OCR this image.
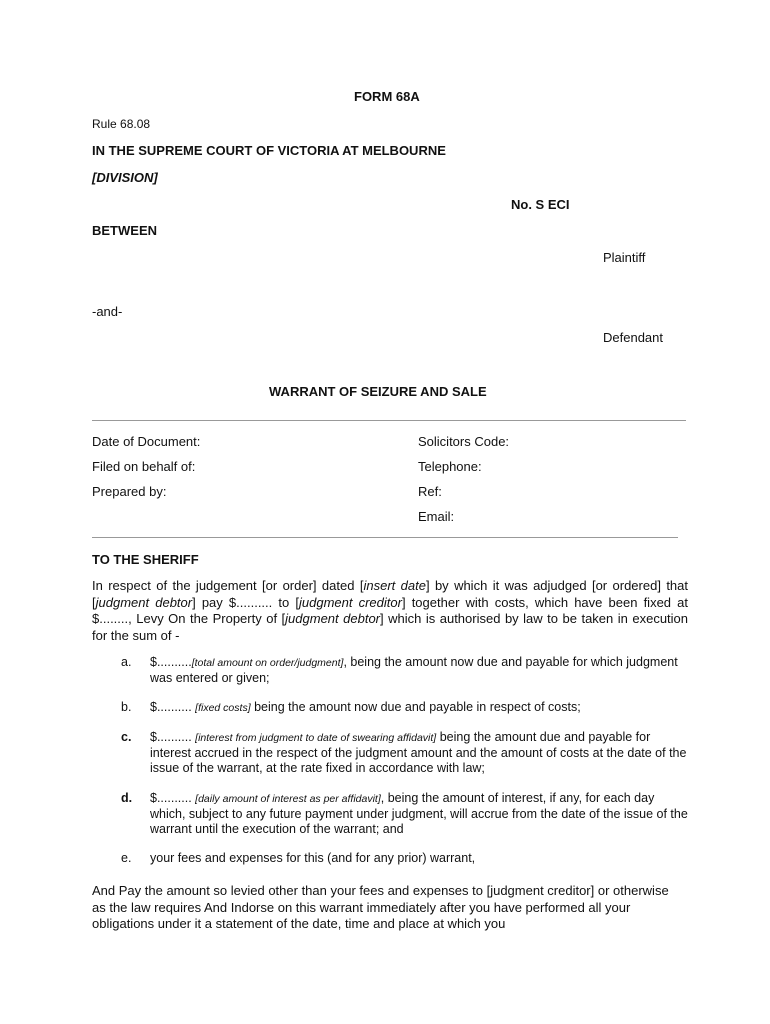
FORM 68A
Rule 68.08
IN THE SUPREME COURT OF VICTORIA AT MELBOURNE
[DIVISION]
No. S ECI
BETWEEN
Plaintiff
-and-
Defendant
WARRANT OF SEIZURE AND SALE
Date of Document:
Filed on behalf of:
Prepared by:
Solicitors Code:
Telephone:
Ref:
Email:
TO THE SHERIFF
In respect of the judgement [or order] dated [insert date] by which it was adjudged [or ordered] that [judgment debtor] pay $.......... to [judgment creditor] together with costs, which have been fixed at $........, Levy On the Property of [judgment debtor] which is authorised by law to be taken in execution for the sum of -
a. $..........[total amount on order/judgment], being the amount now due and payable for which judgment was entered or given;
b. $.......... [fixed costs] being the amount now due and payable in respect of costs;
c. $.......... [interest from judgment to date of swearing affidavit] being the amount due and payable for interest accrued in the respect of the judgment amount and the amount of costs at the date of the issue of the warrant, at the rate fixed in accordance with law;
d. $.......... [daily amount of interest as per affidavit], being the amount of interest, if any, for each day which, subject to any future payment under judgment, will accrue from the date of the issue of the warrant until the execution of the warrant; and
e. your fees and expenses for this (and for any prior) warrant,
And Pay the amount so levied other than your fees and expenses to [judgment creditor] or otherwise as the law requires And Indorse on this warrant immediately after you have performed all your obligations under it a statement of the date, time and place at which you
